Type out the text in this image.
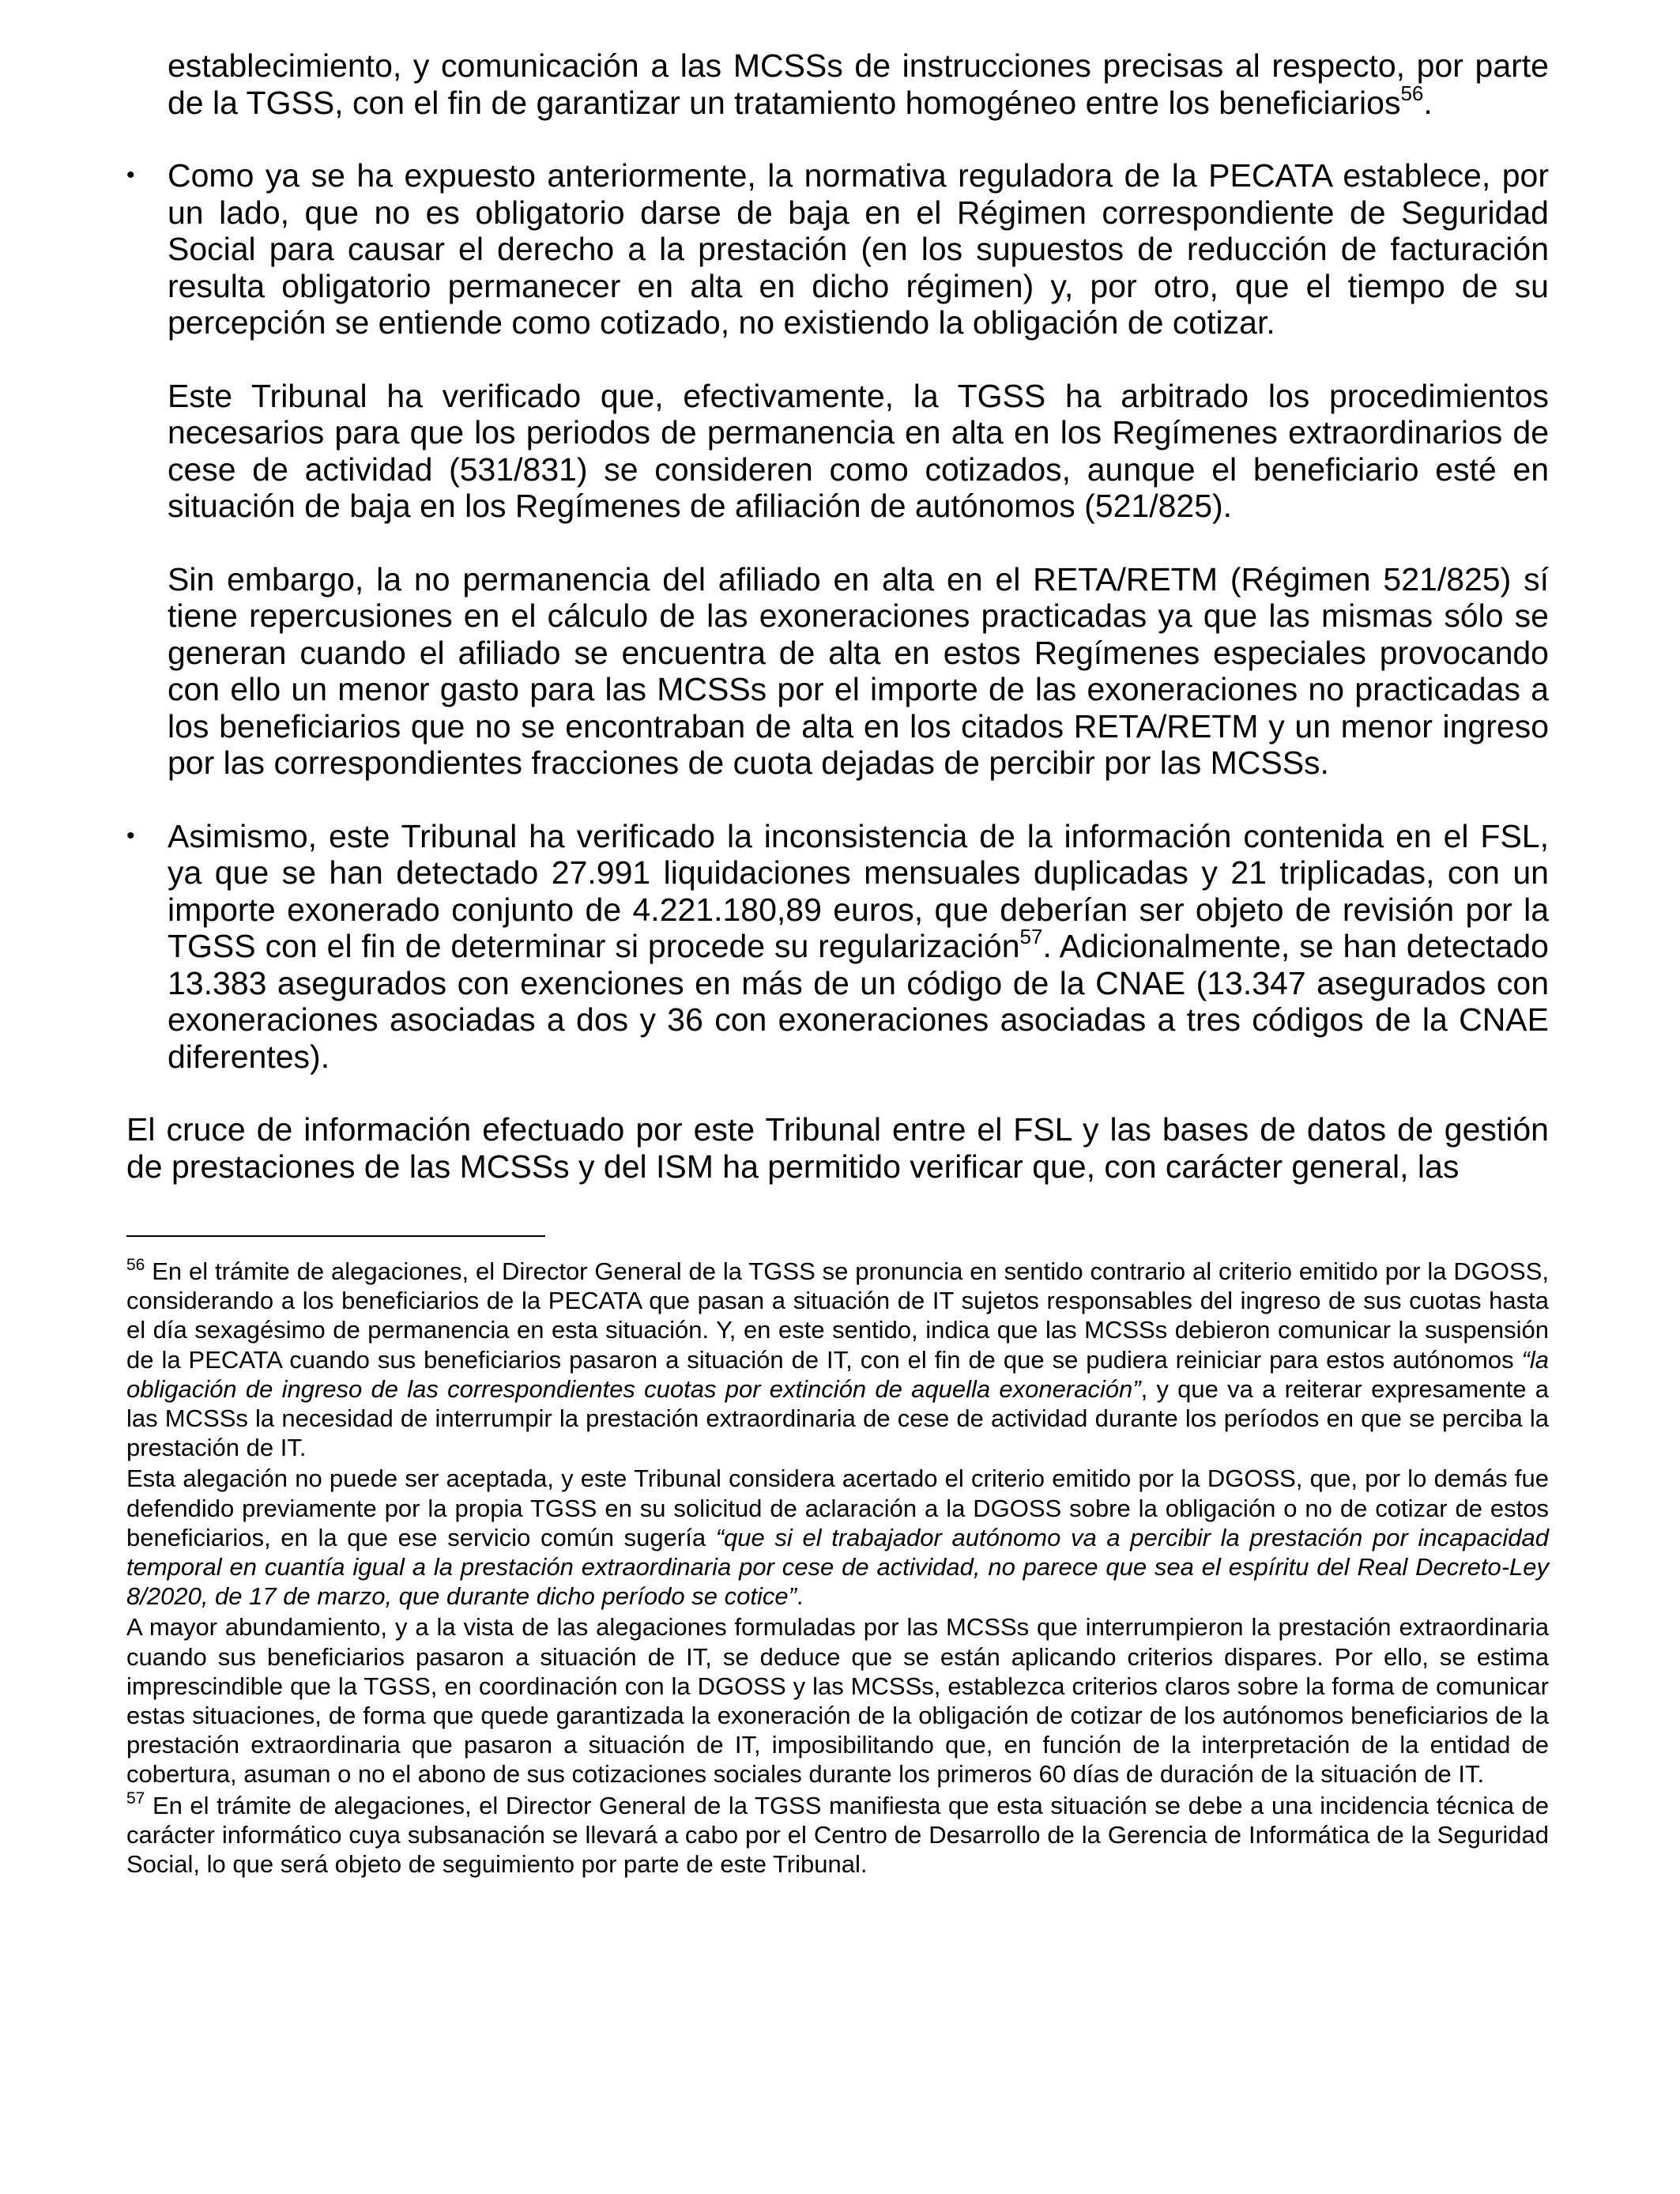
establecimiento, y comunicación a las MCSSs de instrucciones precisas al respecto, por parte de la TGSS, con el fin de garantizar un tratamiento homogéneo entre los beneficiarios$^{56}$.

• Como ya se ha expuesto anteriormente, la normativa reguladora de la PECATA establece, por un lado, que no es obligatorio darse de baja en el Régimen correspondiente de Seguridad Social para causar el derecho a la prestación (en los supuestos de reducción de facturación resulta obligatorio permanecer en alta en dicho régimen) y, por otro, que el tiempo de su percepción se entiende como cotizado, no existiendo la obligación de cotizar.

Este Tribunal ha verificado que, efectivamente, la TGSS ha arbitrado los procedimientos necesarios para que los periodos de permanencia en alta en los Regímenes extraordinarios de cese de actividad (531/831) se consideren como cotizados, aunque el beneficiario esté en situación de baja en los Regímenes de afiliación de autónomos (521/825).

Sin embargo, la no permanencia del afiliado en alta en el RETA/RETM (Régimen 521/825) sí tiene repercusiones en el cálculo de las exoneraciones practicadas ya que las mismas sólo se generan cuando el afiliado se encuentra de alta en estos Regímenes especiales provocando con ello un menor gasto para las MCSSs por el importe de las exoneraciones no practicadas a los beneficiarios que no se encontraban de alta en los citados RETA/RETM y un menor ingreso por las correspondientes fracciones de cuota dejadas de percibir por las MCSSs.

• Asimismo, este Tribunal ha verificado la inconsistencia de la información contenida en el FSL, ya que se han detectado 27.991 liquidaciones mensuales duplicadas y 21 triplicadas, con un importe exonerado conjunto de 4.221.180,89 euros, que deberían ser objeto de revisión por la TGSS con el fin de determinar si procede su regularización$^{57}$. Adicionalmente, se han detectado 13.383 asegurados con exenciones en más de un código de la CNAE (13.347 asegurados con exoneraciones asociadas a dos y 36 con exoneraciones asociadas a tres códigos de la CNAE diferentes).

El cruce de información efectuado por este Tribunal entre el FSL y las bases de datos de gestión de prestaciones de las MCSSs y del ISM ha permitido verificar que, con carácter general, las

$^{56}$ En el trámite de alegaciones, el Director General de la TGSS se pronuncia en sentido contrario al criterio emitido por la DGOSS, considerando a los beneficiarios de la PECATA que pasan a situación de IT sujetos responsables del ingreso de sus cuotas hasta el día sexagésimo de permanencia en esta situación. Y, en este sentido, indica que las MCSSs debieron comunicar la suspensión de la PECATA cuando sus beneficiarios pasaron a situación de IT, con el fin de que se pudiera reiniciar para estos autónomos “la obligación de ingreso de las correspondientes cuotas por extinción de aquella exoneración”, y que va a reiterar expresamente a las MCSSs la necesidad de interrumpir la prestación extraordinaria de cese de actividad durante los períodos en que se perciba la prestación de IT.

Esta alegación no puede ser aceptada, y este Tribunal considera acertado el criterio emitido por la DGOSS, que, por lo demás fue defendido previamente por la propia TGSS en su solicitud de aclaración a la DGOSS sobre la obligación o no de cotizar de estos beneficiarios, en la que ese servicio común sugería “que si el trabajador autónomo va a percibir la prestación por incapacidad temporal en cuantía igual a la prestación extraordinaria por cese de actividad, no parece que sea el espíritu del Real Decreto-Ley 8/2020, de 17 de marzo, que durante dicho período se cotice”.

A mayor abundamiento, y a la vista de las alegaciones formuladas por las MCSSs que interrumpieron la prestación extraordinaria cuando sus beneficiarios pasaron a situación de IT, se deduce que se están aplicando criterios dispares. Por ello, se estima imprescindible que la TGSS, en coordinación con la DGOSS y las MCSSs, establezca criterios claros sobre la forma de comunicar estas situaciones, de forma que quede garantizada la exoneración de la obligación de cotizar de los autónomos beneficiarios de la prestación extraordinaria que pasaron a situación de IT, imposibilitando que, en función de la interpretación de la entidad de cobertura, asuman o no el abono de sus cotizaciones sociales durante los primeros 60 días de duración de la situación de IT.

$^{57}$ En el trámite de alegaciones, el Director General de la TGSS manifiesta que esta situación se debe a una incidencia técnica de carácter informático cuya subsanación se llevará a cabo por el Centro de Desarrollo de la Gerencia de Informática de la Seguridad Social, lo que será objeto de seguimiento por parte de este Tribunal.
